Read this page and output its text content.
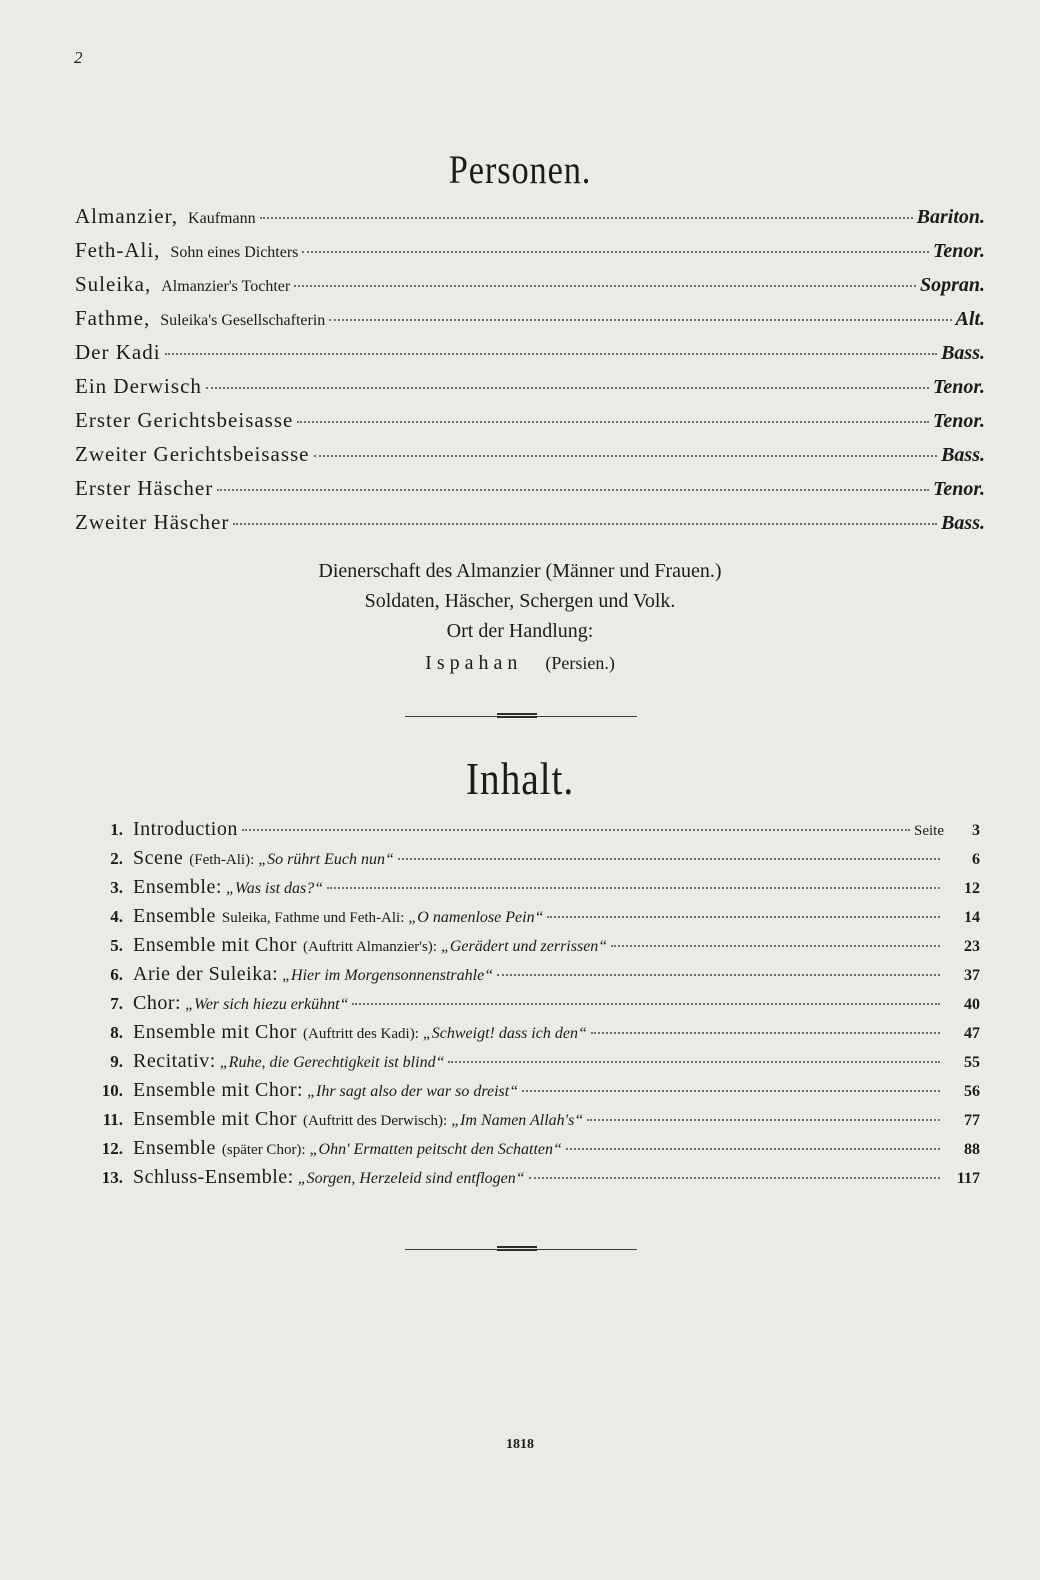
2
Personen.
Almanzier, Kaufmann	Bariton.
Feth-Ali, Sohn eines Dichters	Tenor.
Suleika, Almanzier's Tochter	Sopran.
Fathme, Suleika's Gesellschafterin	Alt.
Der Kadi	Bass.
Ein Derwisch	Tenor.
Erster Gerichtsbeisasse	Tenor.
Zweiter Gerichtsbeisasse	Bass.
Erster Häscher	Tenor.
Zweiter Häscher	Bass.
Dienerschaft des Almanzier (Männer und Frauen.)
Soldaten, Häscher, Schergen und Volk.
Ort der Handlung:
Ispahan (Persien.)
Inhalt.
1. Introduction	Seite	3
2. Scene (Feth-Ali): „So rührt Euch nun“	6
3. Ensemble: „Was ist das?“	12
4. Ensemble Suleika, Fathme und Feth-Ali: „O namenlose Pein“	14
5. Ensemble mit Chor (Auftritt Almanzier's): „Gerädert und zerrissen“	23
6. Arie der Suleika: „Hier im Morgensonnenstrahle“	37
7. Chor: „Wer sich hiezu erkühnt“	40
8. Ensemble mit Chor (Auftritt des Kadi): „Schweigt! dass ich den“	47
9. Recitativ: „Ruhe, die Gerechtigkeit ist blind“	55
10. Ensemble mit Chor: „Ihr sagt also der war so dreist“	56
11. Ensemble mit Chor (Auftritt des Derwisch): „Im Namen Allah's“	77
12. Ensemble (später Chor): „Ohn' Ermatten peitscht den Schatten“	88
13. Schluss-Ensemble: „Sorgen, Herzeleid sind entflogen“	117
1818
